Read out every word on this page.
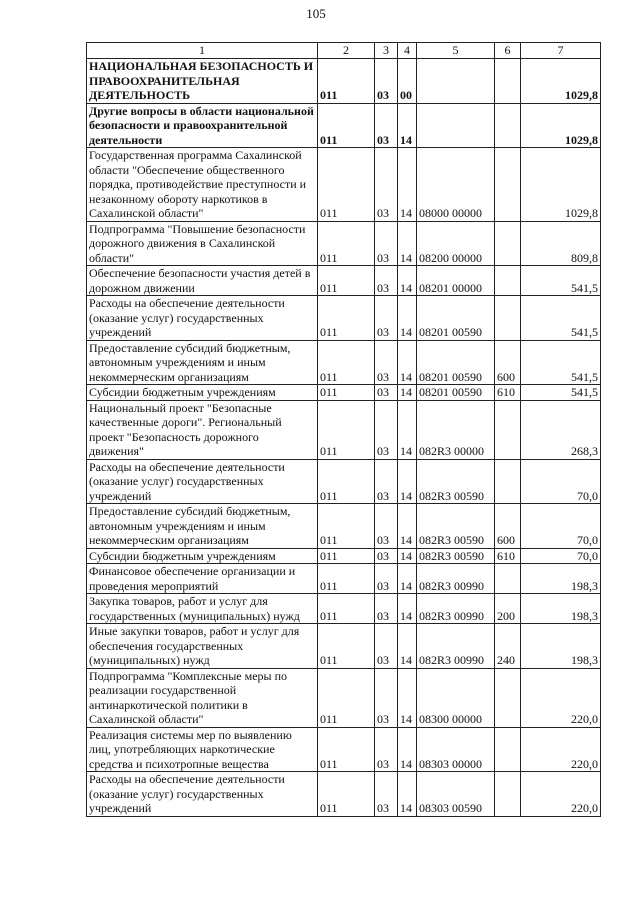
105
1	2	3	4	5	6	7
НАЦИОНАЛЬНАЯ БЕЗОПАСНОСТЬ И ПРАВООХРАНИТЕЛЬНАЯ ДЕЯТЕЛЬНОСТЬ	011	03	00			1029,8
Другие вопросы в области национальной безопасности и правоохранительной деятельности	011	03	14			1029,8
Государственная программа Сахалинской области "Обеспечение общественного порядка, противодействие преступности и незаконному обороту наркотиков в Сахалинской области"	011	03	14	08000 00000		1029,8
Подпрограмма "Повышение безопасности дорожного движения в Сахалинской области"	011	03	14	08200 00000		809,8
Обеспечение безопасности участия детей в дорожном движении	011	03	14	08201 00000		541,5
Расходы на обеспечение деятельности (оказание услуг) государственных учреждений	011	03	14	08201 00590		541,5
Предоставление субсидий бюджетным, автономным учреждениям и иным некоммерческим организациям	011	03	14	08201 00590	600	541,5
Субсидии бюджетным учреждениям	011	03	14	08201 00590	610	541,5
Национальный проект "Безопасные качественные дороги". Региональный проект "Безопасность дорожного движения"	011	03	14	082R3 00000		268,3
Расходы на обеспечение деятельности (оказание услуг) государственных учреждений	011	03	14	082R3 00590		70,0
Предоставление субсидий бюджетным, автономным учреждениям и иным некоммерческим организациям	011	03	14	082R3 00590	600	70,0
Субсидии бюджетным учреждениям	011	03	14	082R3 00590	610	70,0
Финансовое обеспечение организации и проведения мероприятий	011	03	14	082R3 00990		198,3
Закупка товаров, работ и услуг для государственных (муниципальных) нужд	011	03	14	082R3 00990	200	198,3
Иные закупки товаров, работ и услуг для обеспечения государственных (муниципальных) нужд	011	03	14	082R3 00990	240	198,3
Подпрограмма "Комплексные меры по реализации государственной антинаркотической политики в Сахалинской области"	011	03	14	08300 00000		220,0
Реализация системы мер по выявлению лиц, употребляющих наркотические средства и психотропные вещества	011	03	14	08303 00000		220,0
Расходы на обеспечение деятельности (оказание услуг) государственных учреждений	011	03	14	08303 00590		220,0
